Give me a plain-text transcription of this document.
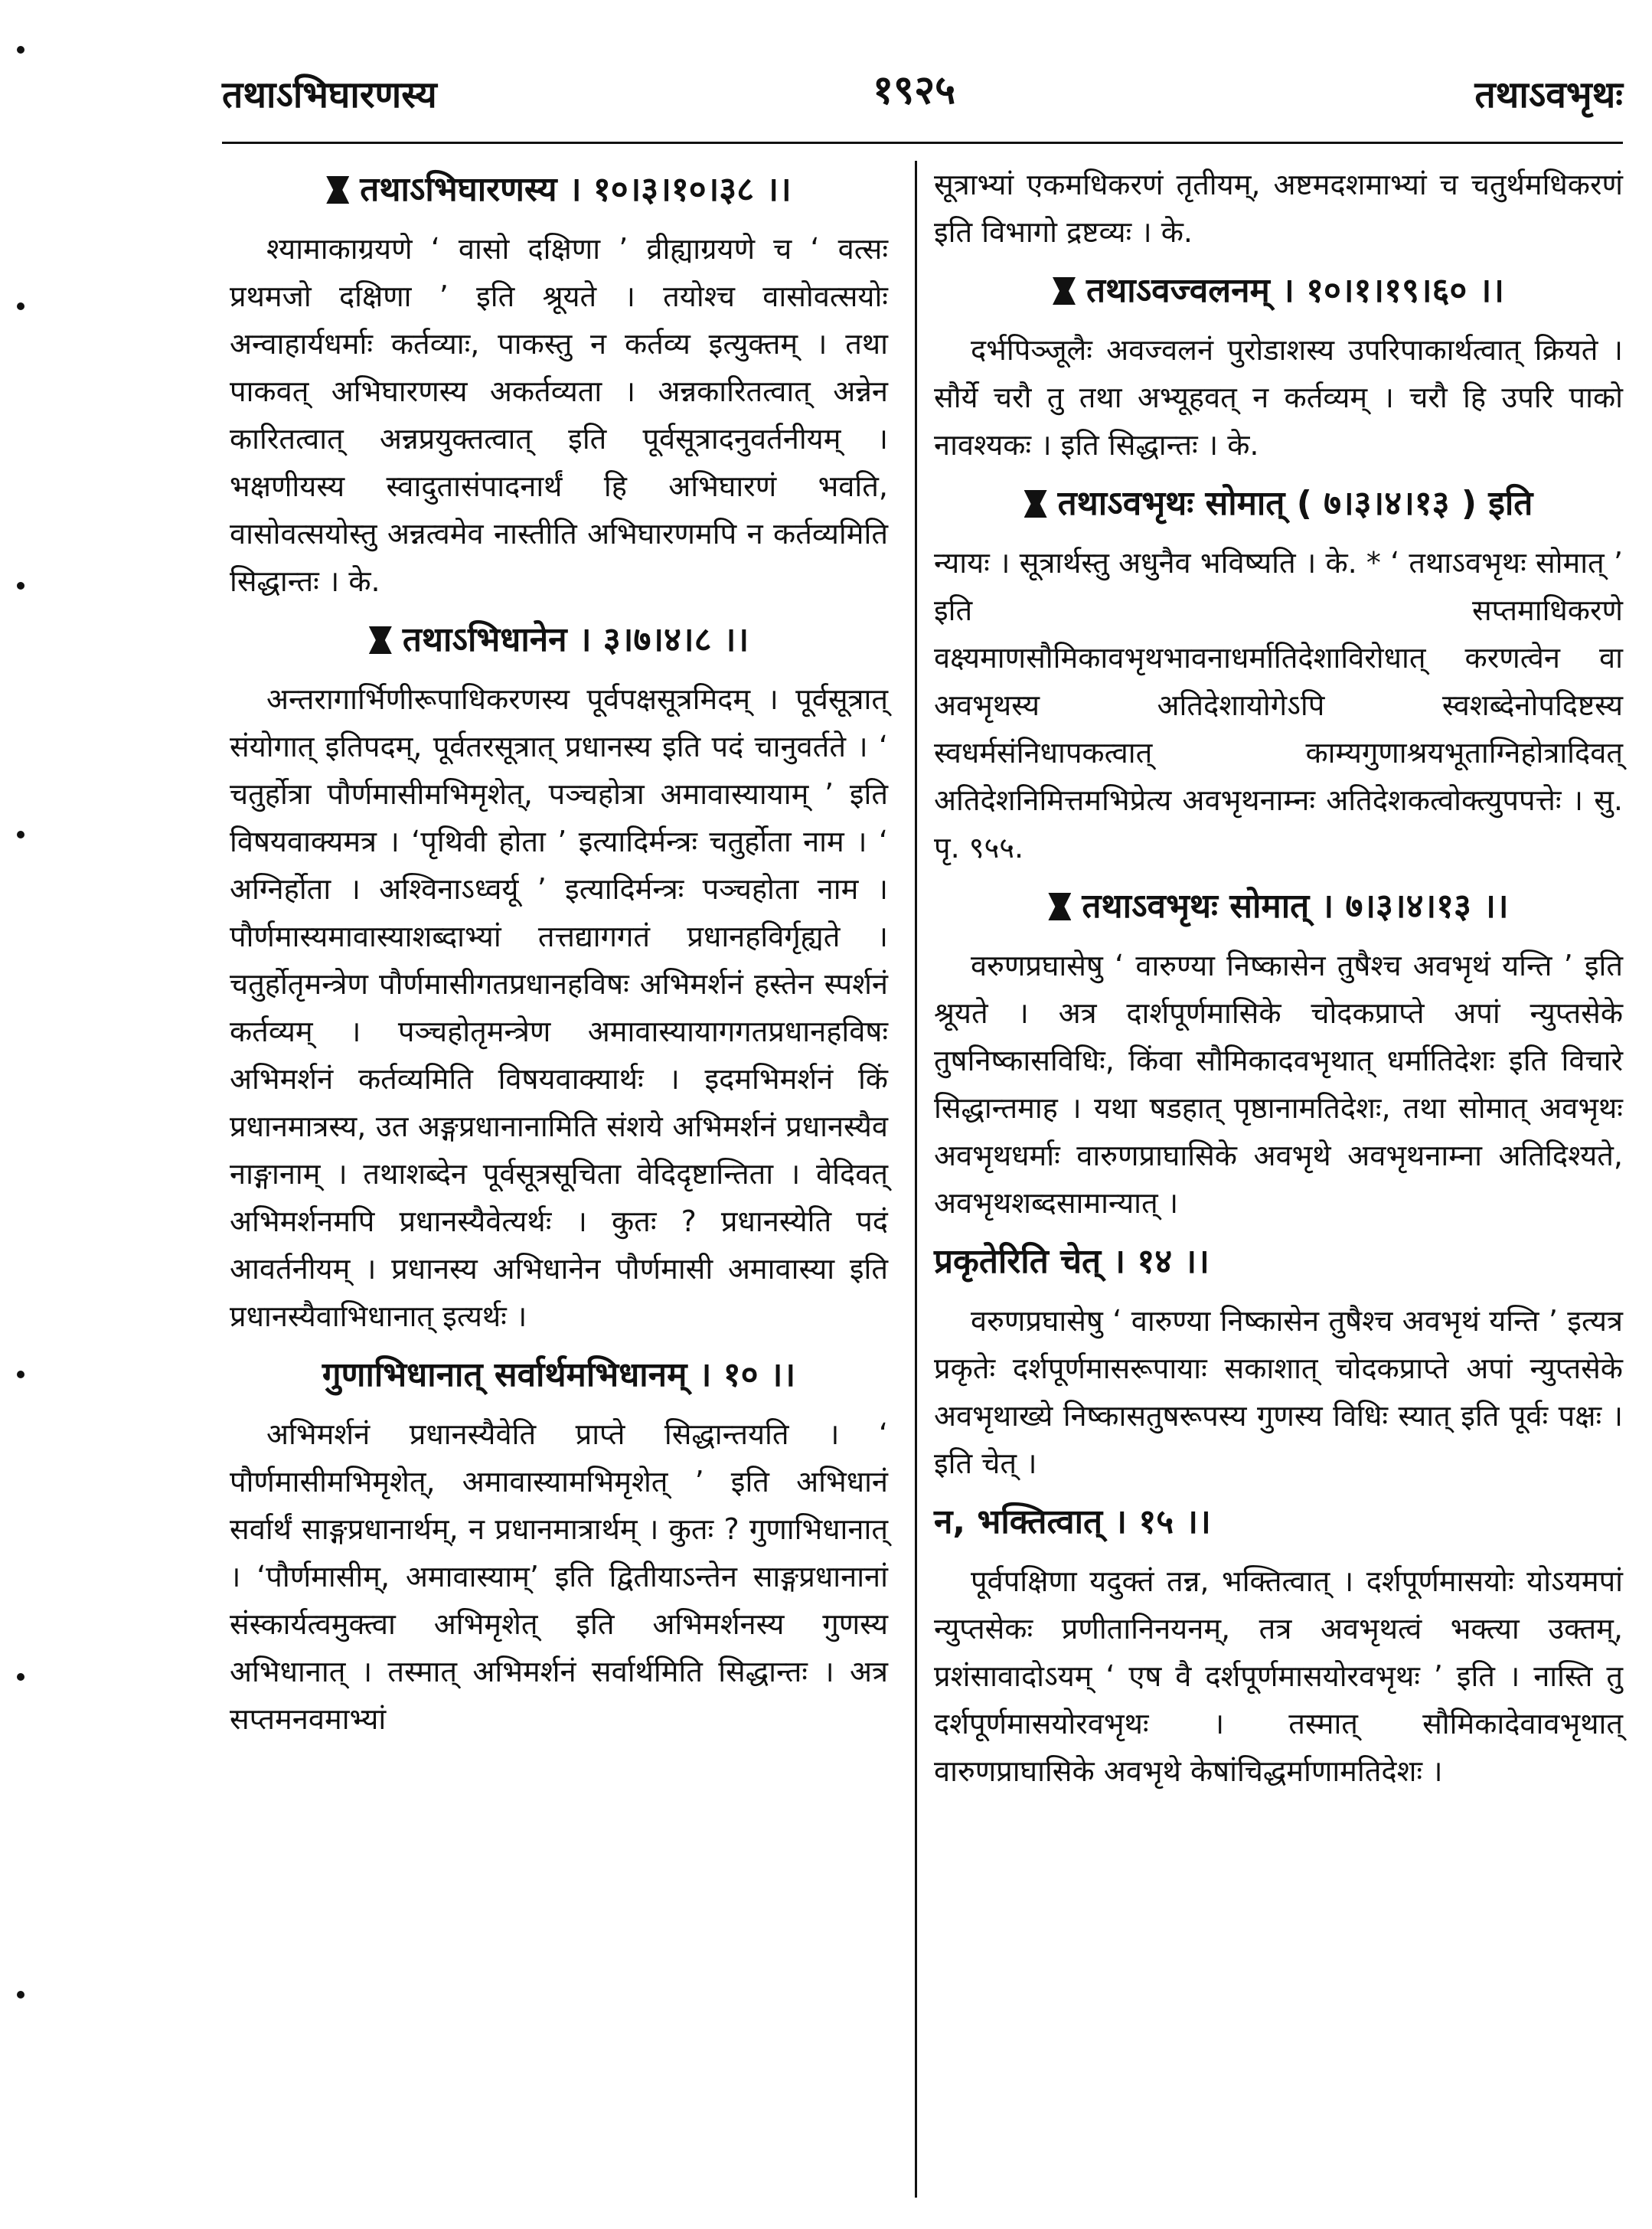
तथाऽभिघारणस्य	१९२५	तथाऽवभृथः
तथाऽभिघारणस्य । १०।३।१०।३८ ।।

श्यामाकाग्रयणे ‘ वासो दक्षिणा ’ व्रीह्याग्रयणे च ‘ वत्सः प्रथमजो दक्षिणा ’ इति श्रूयते । तयोश्च वासोवत्सयोः अन्वाहार्यधर्माः कर्तव्याः, पाकस्तु न कर्तव्य इत्युक्तम् । तथा पाकवत् अभिघारणस्य अकर्तव्यता । अन्नकारितत्वात् अन्नेन कारितत्वात् अन्नप्रयुक्तत्वात् इति पूर्वसूत्रादनुवर्तनीयम् । भक्षणीयस्य स्वादुतासंपादनार्थं हि अभिघारणं भवति, वासोवत्सयोस्तु अन्नत्वमेव नास्तीति अभिघारणमपि न कर्तव्यमिति सिद्धान्तः । के.

तथाऽभिधानेन । ३।७।४।८ ।।

अन्तरागार्भिणीरूपाधिकरणस्य पूर्वपक्षसूत्रमिदम् । पूर्वसूत्रात् संयोगात् इतिपदम्, पूर्वतरसूत्रात् प्रधानस्य इति पदं चानुवर्तते । ‘ चतुर्होत्रा पौर्णमासीमभिमृशेत्, पञ्चहोत्रा अमावास्यायाम् ’ इति विषयवाक्यमत्र । ‘पृथिवी होता ’ इत्यादिर्मन्त्रः चतुर्होता नाम । ‘ अग्निर्होता । अश्विनाऽध्वर्यू ’ इत्यादिर्मन्त्रः पञ्चहोता नाम । पौर्णमास्यमावास्याशब्दाभ्यां तत्तद्यागगतं प्रधानहविर्गृह्यते । चतुर्होतृमन्त्रेण पौर्णमासीगतप्रधानहविषः अभिमर्शनं हस्तेन स्पर्शनं कर्तव्यम् । पञ्चहोतृमन्त्रेण अमावास्यायागगतप्रधानहविषः अभिमर्शनं कर्तव्यमिति विषयवाक्यार्थः । इदमभिमर्शनं किं प्रधानमात्रस्य, उत अङ्गप्रधानानामिति संशये अभिमर्शनं प्रधानस्यैव नाङ्गानाम् । तथाशब्देन पूर्वसूत्रसूचिता वेदिदृष्टान्तिता । वेदिवत् अभिमर्शनमपि प्रधानस्यैवेत्यर्थः । कुतः ? प्रधानस्येति पदं आवर्तनीयम् । प्रधानस्य अभिधानेन पौर्णमासी अमावास्या इति प्रधानस्यैवाभिधानात् इत्यर्थः ।

गुणाभिधानात् सर्वार्थमभिधानम् । १० ।।

अभिमर्शनं प्रधानस्यैवेति प्राप्ते सिद्धान्तयति । ‘ पौर्णमासीमभिमृशेत्, अमावास्यामभिमृशेत् ’ इति अभिधानं सर्वार्थं साङ्गप्रधानार्थम्, न प्रधानमात्रार्थम् । कुतः ? गुणाभिधानात् । ‘पौर्णमासीम्, अमावास्याम्’ इति द्वितीयाऽन्तेन साङ्गप्रधानानां संस्कार्यत्वमुक्त्वा अभिमृशेत् इति अभिमर्शनस्य गुणस्य अभिधानात् । तस्मात् अभिमर्शनं सर्वार्थमिति सिद्धान्तः । अत्र सप्तमनवमाभ्यां

सूत्राभ्यां एकमधिकरणं तृतीयम्, अष्टमदशमाभ्यां च चतुर्थमधिकरणं इति विभागो द्रष्टव्यः । के.

तथाऽवज्वलनम् । १०।१।१९।६० ।।

दर्भपिञ्जूलैः अवज्वलनं पुरोडाशस्य उपरिपाकार्थत्वात् क्रियते । सौर्ये चरौ तु तथा अभ्यूहवत् न कर्तव्यम् । चरौ हि उपरि पाको नावश्यकः । इति सिद्धान्तः । के.

तथाऽवभृथः सोमात् ( ७।३।४।१३ ) इति

न्यायः । सूत्रार्थस्तु अधुनैव भविष्यति । के. * ‘ तथाऽवभृथः सोमात् ’ इति सप्तमाधिकरणे वक्ष्यमाणसौमिकावभृथभावनाधर्मातिदेशाविरोधात् करणत्वेन वा अवभृथस्य अतिदेशायोगेऽपि स्वशब्देनोपदिष्टस्य स्वधर्मसंनिधापकत्वात् काम्यगुणाश्रयभूताग्निहोत्रादिवत् अतिदेशनिमित्तमभिप्रेत्य अवभृथनाम्नः अतिदेशकत्वोक्त्युपपत्तेः । सु. पृ. ९५५.

तथाऽवभृथः सोमात् । ७।३।४।१३ ।।

वरुणप्रघासेषु ‘ वारुण्या निष्कासेन तुषैश्च अवभृथं यन्ति ’ इति श्रूयते । अत्र दार्शपूर्णमासिके चोदकप्राप्ते अपां न्युप्तसेके तुषनिष्कासविधिः, किंवा सौमिकादवभृथात् धर्मातिदेशः इति विचारे सिद्धान्तमाह । यथा षडहात् पृष्ठानामतिदेशः, तथा सोमात् अवभृथः अवभृथधर्माः वारुणप्राघासिके अवभृथे अवभृथनाम्ना अतिदिश्यते, अवभृथशब्दसामान्यात् ।

प्रकृतेरिति चेत् । १४ ।।

वरुणप्रघासेषु ‘ वारुण्या निष्कासेन तुषैश्च अवभृथं यन्ति ’ इत्यत्र प्रकृतेः दर्शपूर्णमासरूपायाः सकाशात् चोदकप्राप्ते अपां न्युप्तसेके अवभृथाख्ये निष्कासतुषरूपस्य गुणस्य विधिः स्यात् इति पूर्वः पक्षः । इति चेत् ।

न, भक्तित्वात् । १५ ।।

पूर्वपक्षिणा यदुक्तं तन्न, भक्तित्वात् । दर्शपूर्णमासयोः योऽयमपां न्युप्तसेकः प्रणीतानिनयनम्, तत्र अवभृथत्वं भक्त्या उक्तम्, प्रशंसावादोऽयम् ‘ एष वै दर्शपूर्णमासयोरवभृथः ’ इति । नास्ति तु दर्शपूर्णमासयोरवभृथः । तस्मात् सौमिकादेवावभृथात् वारुणप्राघासिके अवभृथे केषांचिद्धर्माणामतिदेशः ।
